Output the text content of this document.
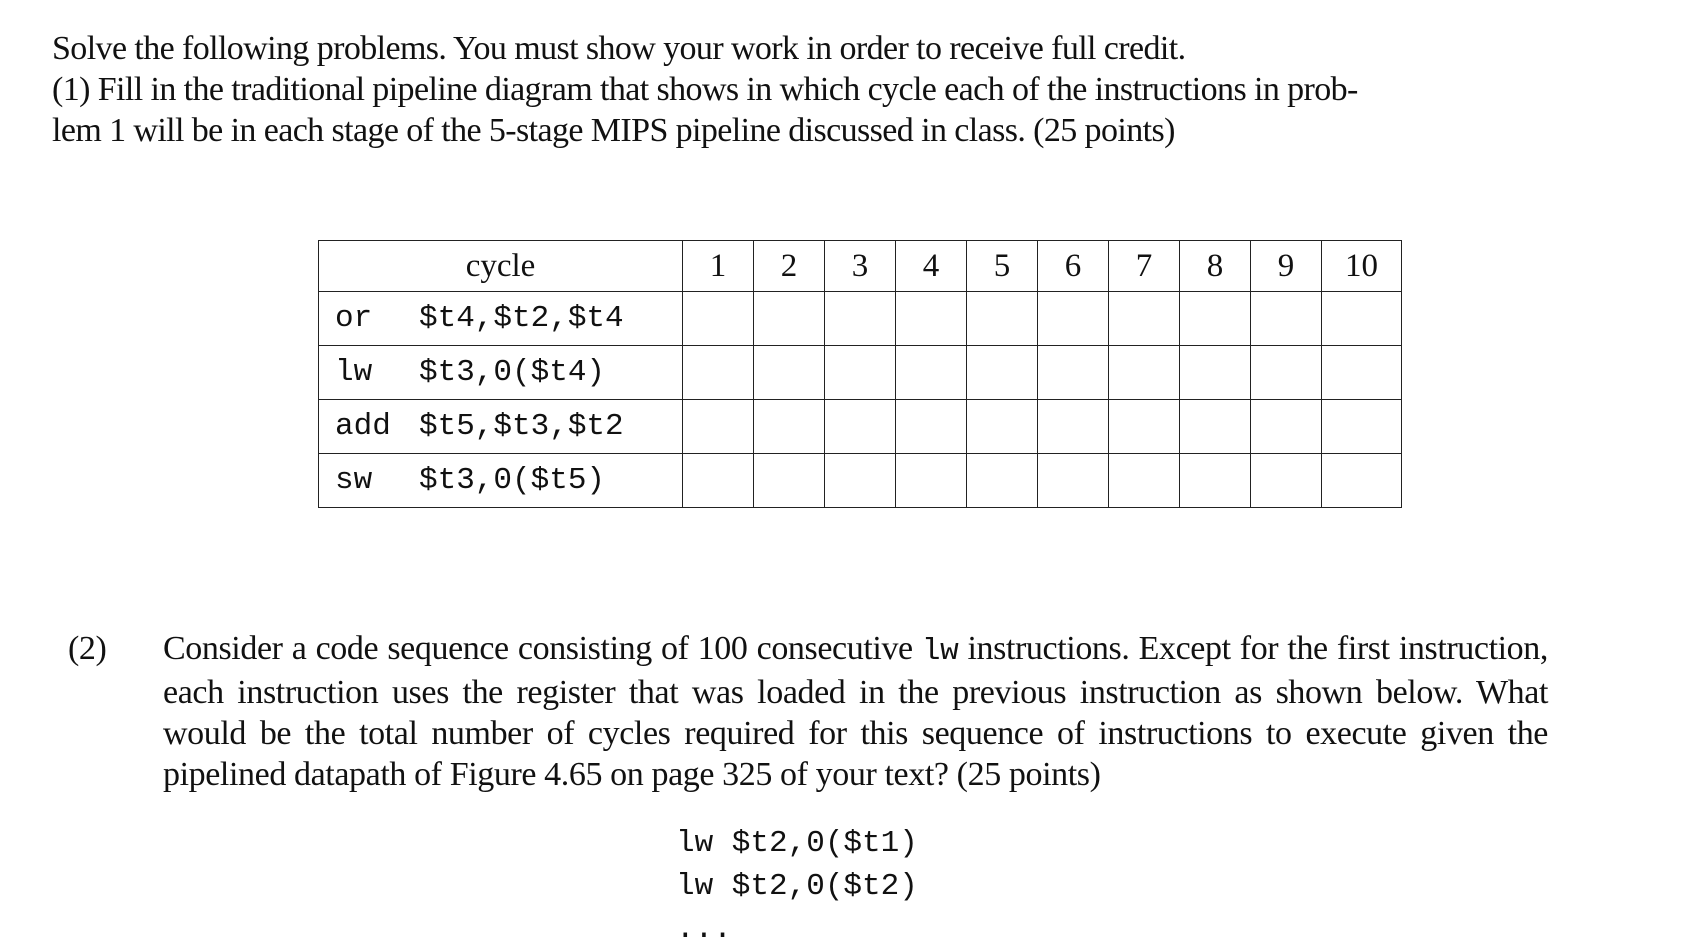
Solve the following problems. You must show your work in order to receive full credit.
(1) Fill in the traditional pipeline diagram that shows in which cycle each of the instructions in prob-
lem 1 will be in each stage of the 5-stage MIPS pipeline discussed in class. (25 points)
cycle	1	2	3	4	5	6	7	8	9	10
or $t4,$t2,$t4										
lw $t3,0($t4)										
add $t5,$t3,$t2										
sw $t3,0($t5)										
(2) Consider a code sequence consisting of 100 consecutive lw instructions. Except for the first instruction, each instruction uses the register that was loaded in the previous instruction as shown below. What would be the total number of cycles required for this sequence of instructions to execute given the pipelined datapath of Figure 4.65 on page 325 of your text? (25 points)
lw $t2,0($t1)
lw $t2,0($t2)
...
